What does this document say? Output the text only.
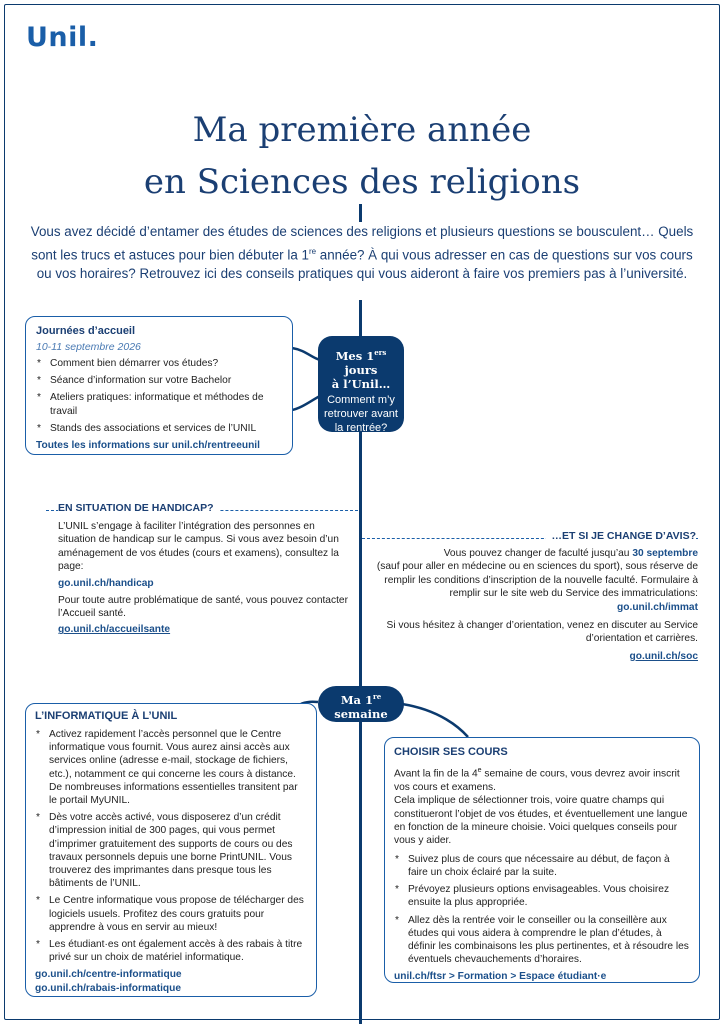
Unil.
Ma première année
en Sciences des religions

Vous avez décidé d’entamer des études de sciences des religions et plusieurs questions se bousculent… Quels sont les trucs et astuces pour bien débuter la 1re année? À qui vous adresser en cas de questions sur vos cours ou vos horaires? Retrouvez ici des conseils pratiques qui vous aideront à faire vos premiers pas à l’université.

Mes 1ers jours
à l’Unil…
Comment m’y retrouver avant la rentrée?
Ma 1re
semaine
Journées d’accueil
10-11 septembre 2026
* Comment bien démarrer vos études?
* Séance d’information sur votre Bachelor
* Ateliers pratiques: informatique et méthodes de travail
* Stands des associations et services de l’UNIL
Toutes les informations sur unil.ch/rentreeunil
EN SITUATION DE HANDICAP?

L’UNIL s’engage à faciliter l’intégration des personnes en situation de handicap sur le campus. Si vous avez besoin d’un aménagement de vos études (cours et examens), consultez la page:

go.unil.ch/handicap

Pour toute autre problématique de santé, vous pouvez contacter l’Accueil santé.

go.unil.ch/accueilsante
…ET SI JE CHANGE D’AVIS?

Vous pouvez changer de faculté jusqu’au 30 septembre
(sauf pour aller en médecine ou en sciences du sport), sous réserve de remplir les conditions d’inscription de la nouvelle faculté. Formulaire à remplir sur le site web du Service des immatriculations: go.unil.ch/immat

Si vous hésitez à changer d’orientation, venez en discuter au Service d’orientation et carrières.

go.unil.ch/soc
L’INFORMATIQUE À L’UNIL
* Activez rapidement l’accès personnel que le Centre informatique vous fournit. Vous aurez ainsi accès aux services online (adresse e-mail, stockage de fichiers, etc.), notamment ce qui concerne les cours à distance. De nombreuses informations essentielles transitent par le portail MyUNIL.
* Dès votre accès activé, vous disposerez d’un crédit d’impression initial de 300 pages, qui vous permet d’imprimer gratuitement des supports de cours ou des travaux personnels depuis une borne PrintUNIL. Vous trouverez des imprimantes dans presque tous les bâtiments de l’UNIL.
* Le Centre informatique vous propose de télécharger des logiciels usuels. Profitez des cours gratuits pour apprendre à vous en servir au mieux!
* Les étudiant·es ont également accès à des rabais à titre privé sur un choix de matériel informatique.
go.unil.ch/centre-informatique
go.unil.ch/rabais-informatique
CHOISIR SES COURS

Avant la fin de la 4e semaine de cours, vous devrez avoir inscrit vos cours et examens.

Cela implique de sélectionner trois, voire quatre champs qui constitueront l’objet de vos études, et éventuellement une langue en fonction de la mineure choisie. Voici quelques conseils pour vous y aider.

* Suivez plus de cours que nécessaire au début, de façon à faire un choix éclairé par la suite.
* Prévoyez plusieurs options envisageables. Vous choisirez ensuite la plus appropriée.
* Allez dès la rentrée voir le conseiller ou la conseillère aux études qui vous aidera à comprendre le plan d’études, à définir les combinaisons les plus pertinentes, et à résoudre les éventuels chevauchements d’horaires.
unil.ch/ftsr > Formation > Espace étudiant·e
